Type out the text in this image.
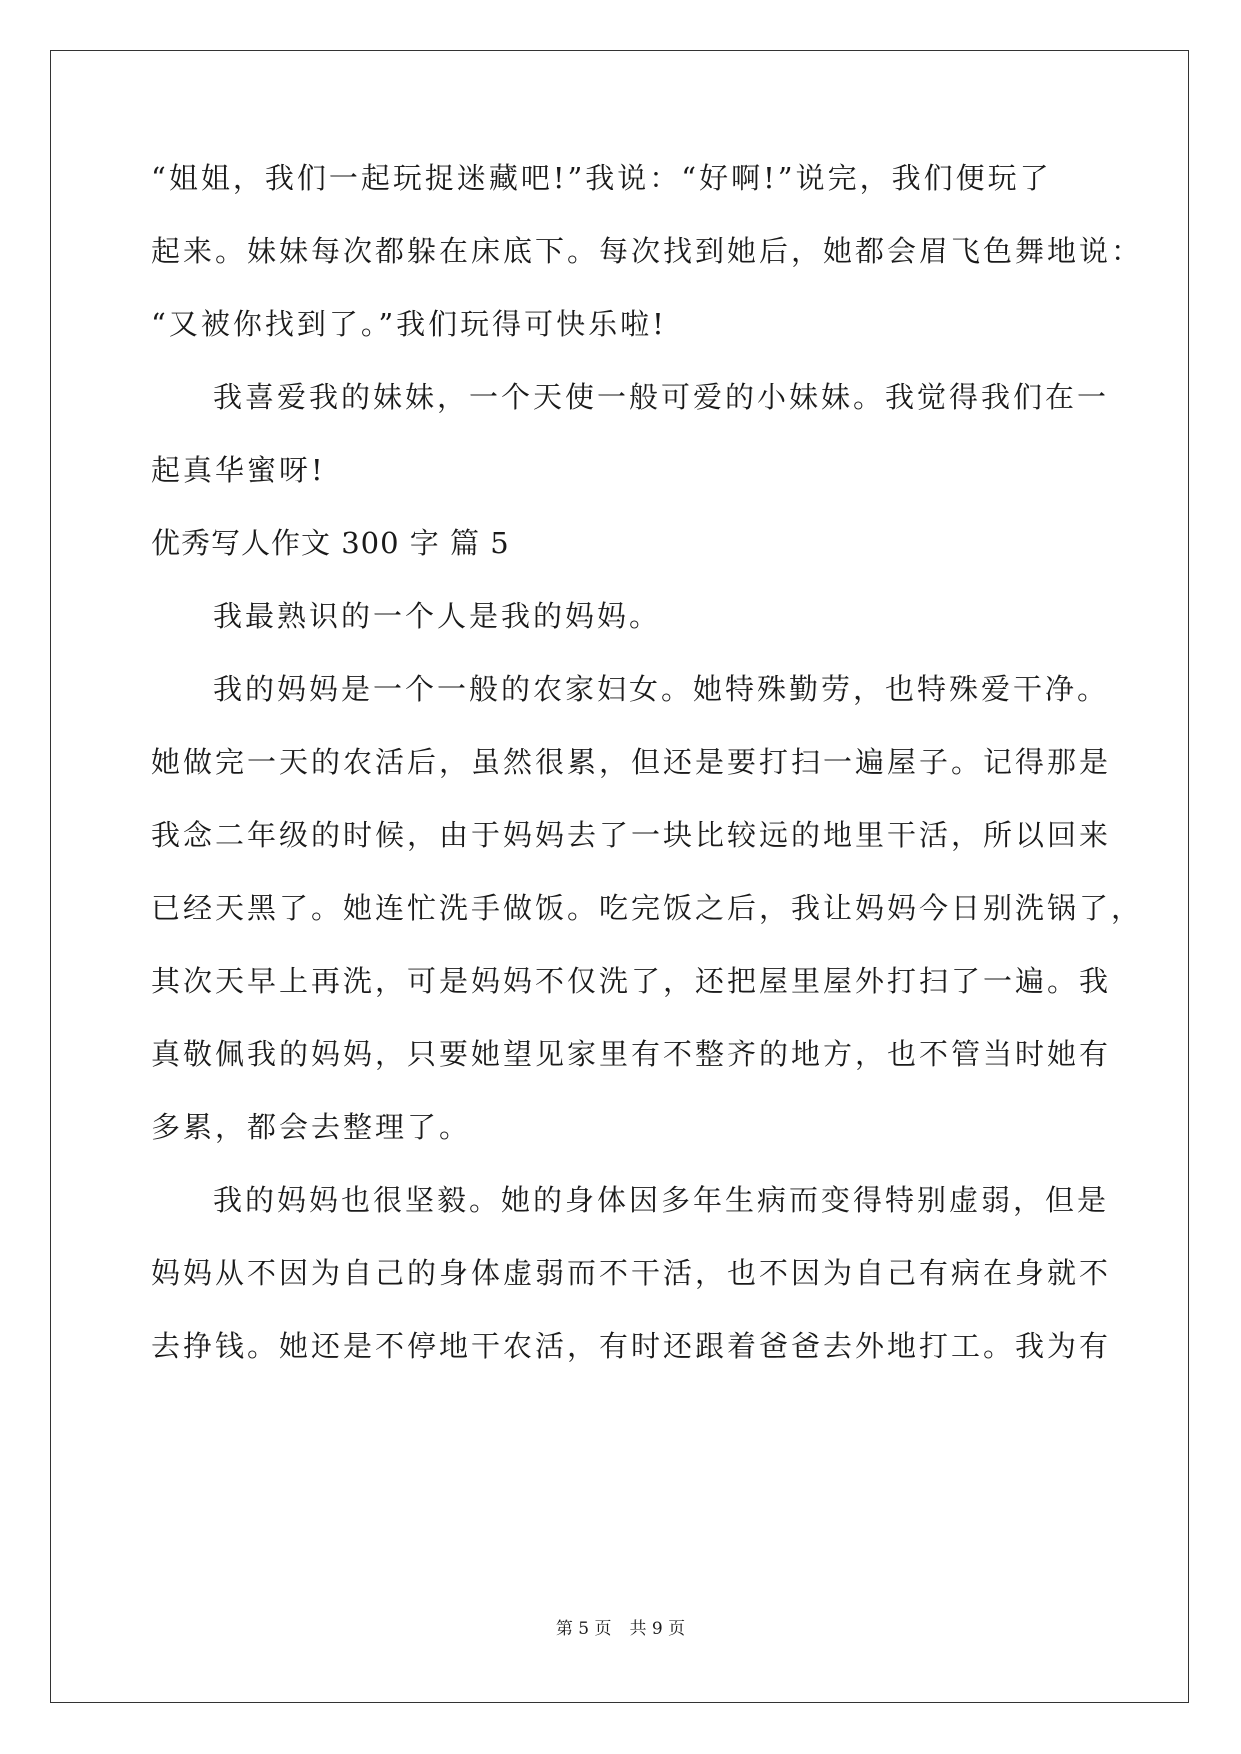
“姐姐，我们一起玩捉迷藏吧!”我说：“好啊!”说完，我们便玩了
起来。妹妹每次都躲在床底下。每次找到她后，她都会眉飞色舞地说：
“又被你找到了。”我们玩得可快乐啦!
我喜爱我的妹妹，一个天使一般可爱的小妹妹。我觉得我们在一
起真华蜜呀!
优秀写人作文 300 字 篇 5
我最熟识的一个人是我的妈妈。
我的妈妈是一个一般的农家妇女。她特殊勤劳，也特殊爱干净。
她做完一天的农活后，虽然很累，但还是要打扫一遍屋子。记得那是
我念二年级的时候，由于妈妈去了一块比较远的地里干活，所以回来
已经天黑了。她连忙洗手做饭。吃完饭之后，我让妈妈今日别洗锅了，
其次天早上再洗，可是妈妈不仅洗了，还把屋里屋外打扫了一遍。我
真敬佩我的妈妈，只要她望见家里有不整齐的地方，也不管当时她有
多累，都会去整理了。
我的妈妈也很坚毅。她的身体因多年生病而变得特别虚弱，但是
妈妈从不因为自己的身体虚弱而不干活，也不因为自己有病在身就不
去挣钱。她还是不停地干农活，有时还跟着爸爸去外地打工。我为有
第 5 页 共 9 页
